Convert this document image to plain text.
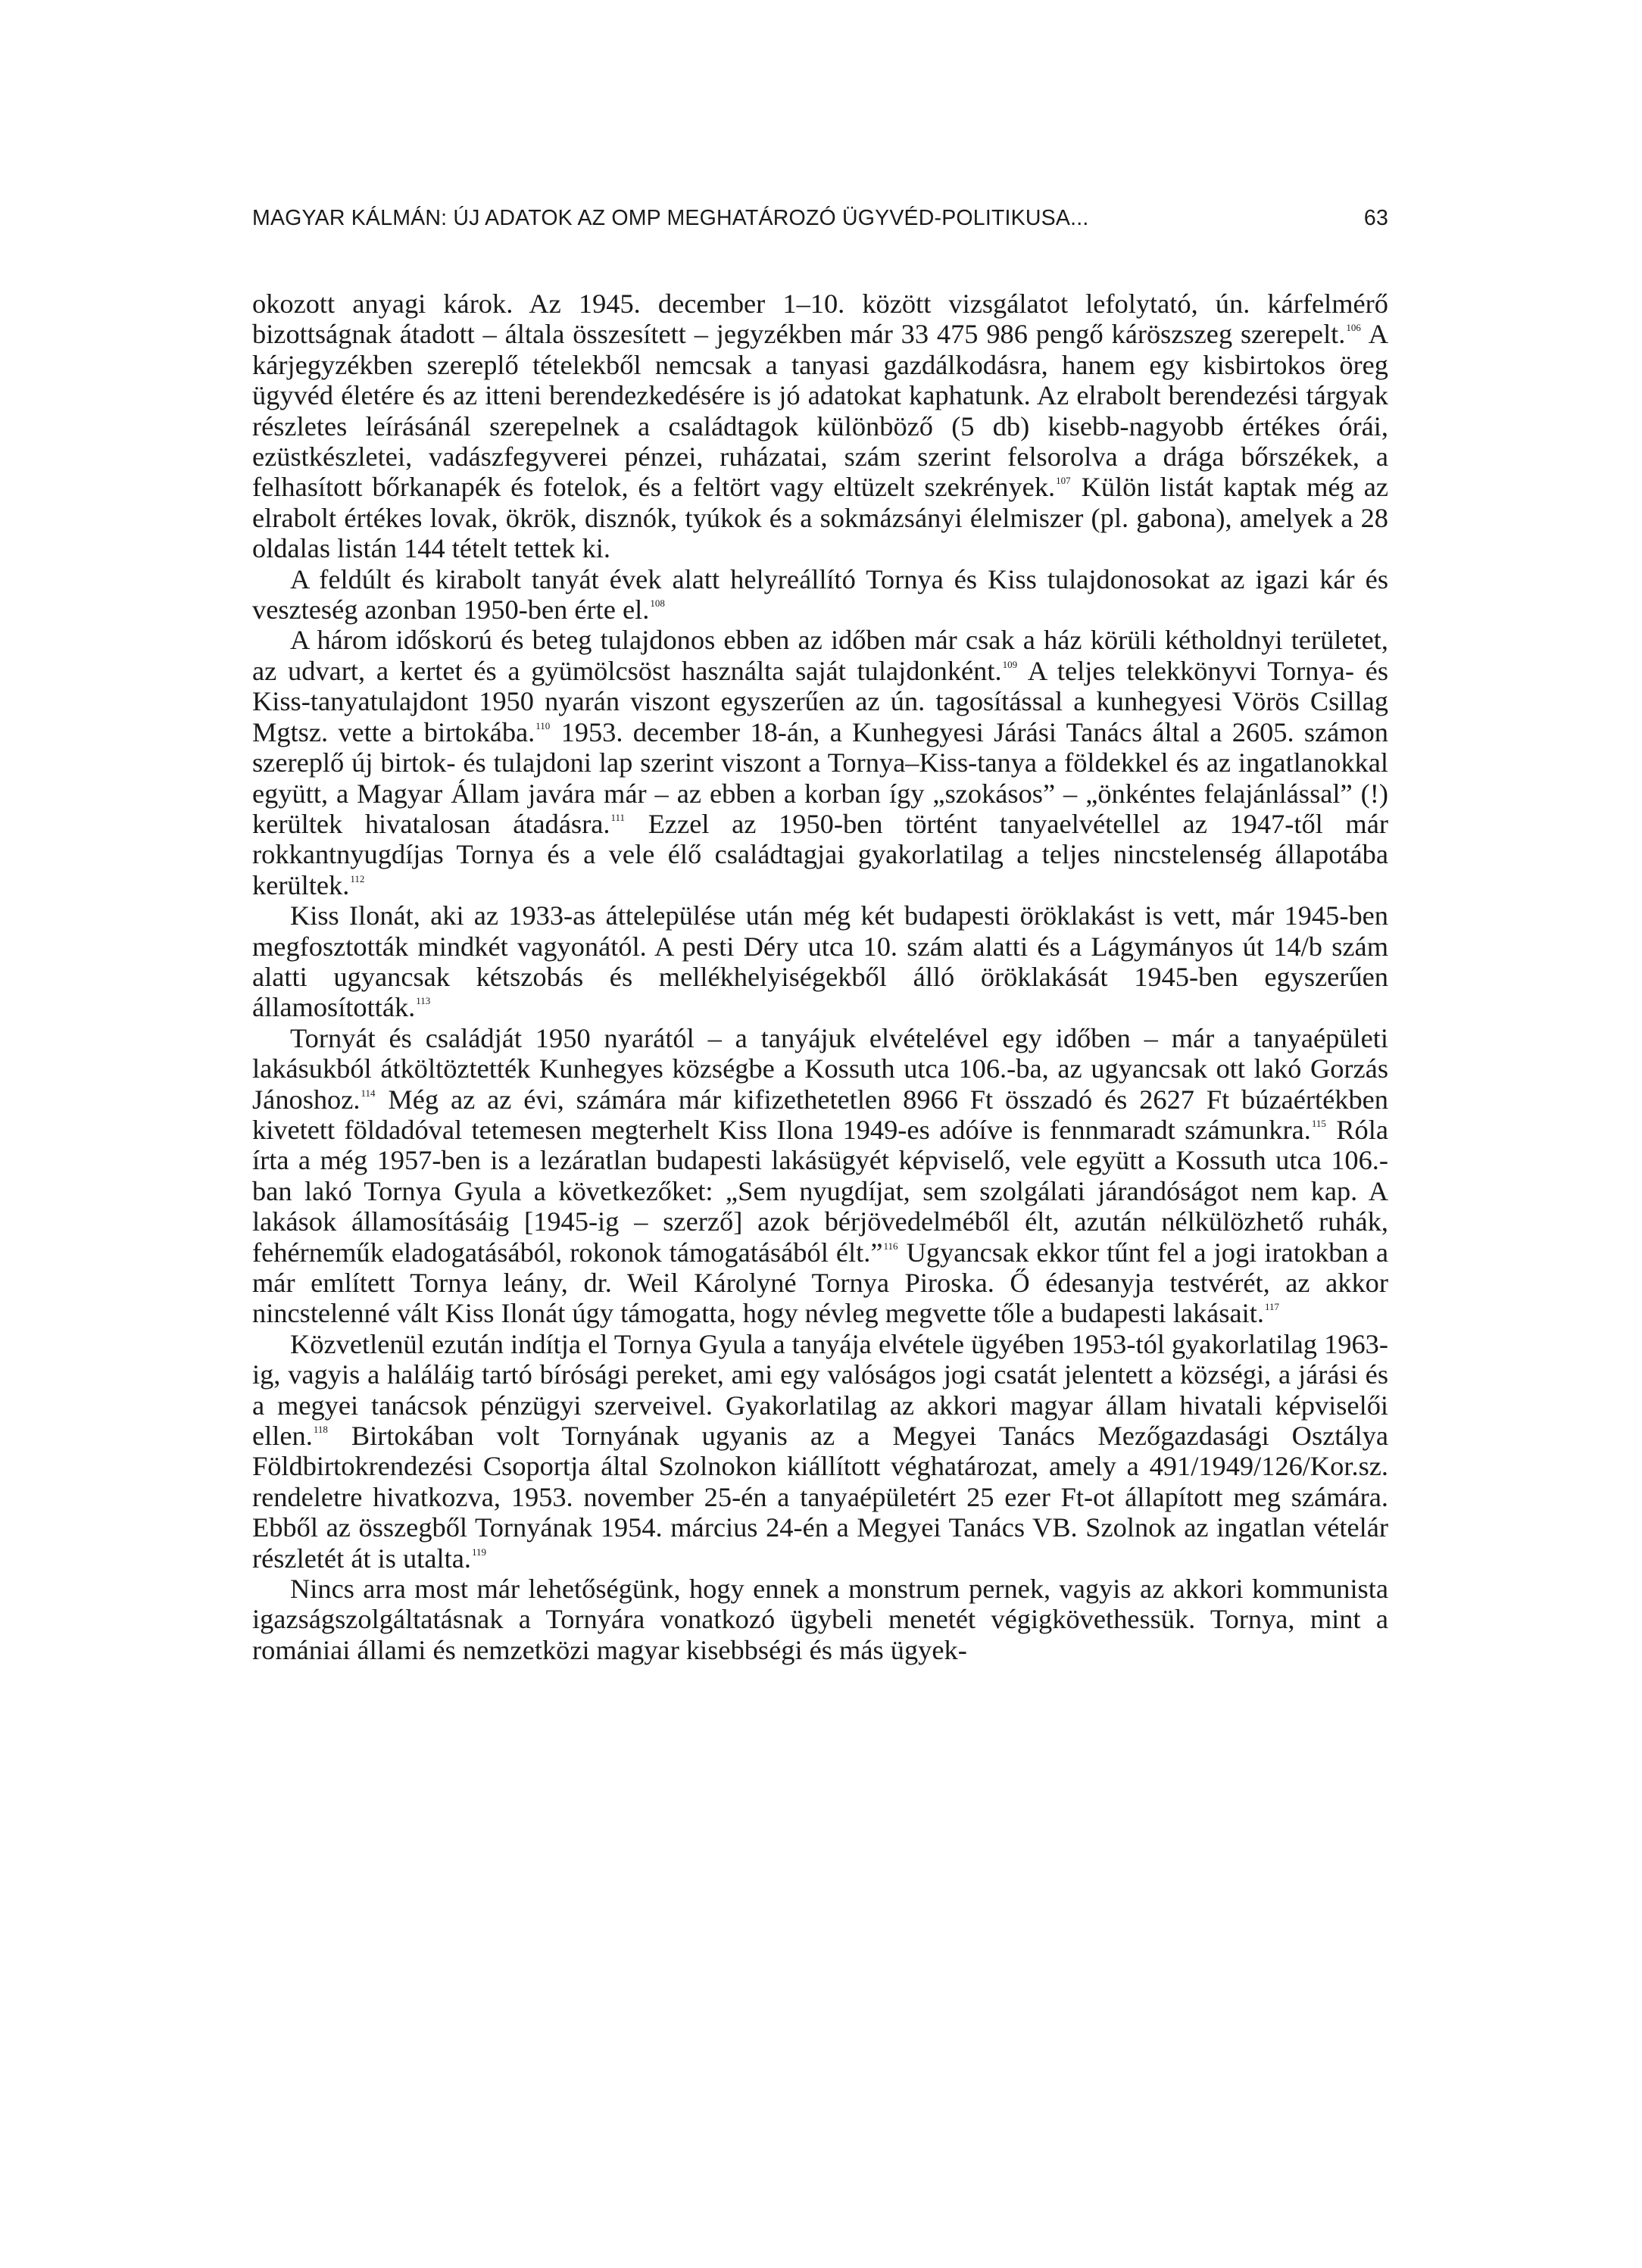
MAGYAR KÁLMÁN: ÚJ ADATOK AZ OMP MEGHATÁROZÓ ÜGYVÉD-POLITIKUSA...	63

okozott anyagi károk. Az 1945. december 1–10. között vizsgálatot lefolytató, ún. kárfelmérő bizottságnak átadott – általa összesített – jegyzékben már 33 475 986 pengő káröszszeg szerepelt.$^{106}$ A kárjegyzékben szereplő tételekből nemcsak a tanyasi gazdálkodásra, hanem egy kisbirtokos öreg ügyvéd életére és az itteni berendezkedésére is jó adatokat kaphatunk. Az elrabolt berendezési tárgyak részletes leírásánál szerepelnek a családtagok különböző (5 db) kisebb-nagyobb értékes órái, ezüstkészletei, vadászfegyverei pénzei, ruházatai, szám szerint felsorolva a drága bőrszékek, a felhasított bőrkanapék és fotelok, és a feltört vagy eltüzelt szekrények.$^{107}$ Külön listát kaptak még az elrabolt értékes lovak, ökrök, disznók, tyúkok és a sokmázsányi élelmiszer (pl. gabona), amelyek a 28 oldalas listán 144 tételt tettek ki.

A feldúlt és kirabolt tanyát évek alatt helyreállító Tornya és Kiss tulajdonosokat az igazi kár és veszteség azonban 1950-ben érte el.$^{108}$

A három időskorú és beteg tulajdonos ebben az időben már csak a ház körüli kétholdnyi területet, az udvart, a kertet és a gyümölcsöst használta saját tulajdonként.$^{109}$ A teljes telekkönyvi Tornya- és Kiss-tanyatulajdont 1950 nyarán viszont egyszerűen az ún. tagosítással a kunhegyesi Vörös Csillag Mgtsz. vette a birtokába.$^{110}$ 1953. december 18-án, a Kunhegyesi Járási Tanács által a 2605. számon szereplő új birtok- és tulajdoni lap szerint viszont a Tornya–Kiss-tanya a földekkel és az ingatlanokkal együtt, a Magyar Állam javára már – az ebben a korban így „szokásos” – „önkéntes felajánlással” (!) kerültek hivatalosan átadásra.$^{111}$ Ezzel az 1950-ben történt tanyaelvétellel az 1947-től már rokkantnyugdíjas Tornya és a vele élő családtagjai gyakorlatilag a teljes nincstelenség állapotába kerültek.$^{112}$

Kiss Ilonát, aki az 1933-as áttelepülése után még két budapesti öröklakást is vett, már 1945-ben megfosztották mindkét vagyonától. A pesti Déry utca 10. szám alatti és a Lágymányos út 14/b szám alatti ugyancsak kétszobás és mellékhelyiségekből álló öröklakását 1945-ben egyszerűen államosították.$^{113}$

Tornyát és családját 1950 nyarától – a tanyájuk elvételével egy időben – már a tanyaépületi lakásukból átköltöztették Kunhegyes községbe a Kossuth utca 106.-ba, az ugyancsak ott lakó Gorzás Jánoshoz.$^{114}$ Még az az évi, számára már kifizethetetlen 8966 Ft összadó és 2627 Ft búzaértékben kivetett földadóval tetemesen megterhelt Kiss Ilona 1949-es adóíve is fennmaradt számunkra.$^{115}$ Róla írta a még 1957-ben is a lezáratlan budapesti lakásügyét képviselő, vele együtt a Kossuth utca 106.-ban lakó Tornya Gyula a következőket: „Sem nyugdíjat, sem szolgálati járandóságot nem kap. A lakások államosításáig [1945-ig – szerző] azok bérjövedelméből élt, azután nélkülözhető ruhák, fehérneműk eladogatásából, rokonok támogatásából élt.”$^{116}$ Ugyancsak ekkor tűnt fel a jogi iratokban a már említett Tornya leány, dr. Weil Károlyné Tornya Piroska. Ő édesanyja testvérét, az akkor nincstelenné vált Kiss Ilonát úgy támogatta, hogy névleg megvette tőle a budapesti lakásait.$^{117}$

Közvetlenül ezután indítja el Tornya Gyula a tanyája elvétele ügyében 1953-tól gyakorlatilag 1963-ig, vagyis a haláláig tartó bírósági pereket, ami egy valóságos jogi csatát jelentett a községi, a járási és a megyei tanácsok pénzügyi szerveivel. Gyakorlatilag az akkori magyar állam hivatali képviselői ellen.$^{118}$ Birtokában volt Tornyának ugyanis az a Megyei Tanács Mezőgazdasági Osztálya Földbirtokrendezési Csoportja által Szolnokon kiállított véghatározat, amely a 491/1949/126/Kor.sz. rendeletre hivatkozva, 1953. november 25-én a tanyaépületért 25 ezer Ft-ot állapított meg számára. Ebből az összegből Tornyának 1954. március 24-én a Megyei Tanács VB. Szolnok az ingatlan vételár részletét át is utalta.$^{119}$

Nincs arra most már lehetőségünk, hogy ennek a monstrum pernek, vagyis az akkori kommunista igazságszolgáltatásnak a Tornyára vonatkozó ügybeli menetét végigkövethessük. Tornya, mint a romániai állami és nemzetközi magyar kisebbségi és más ügyek-
